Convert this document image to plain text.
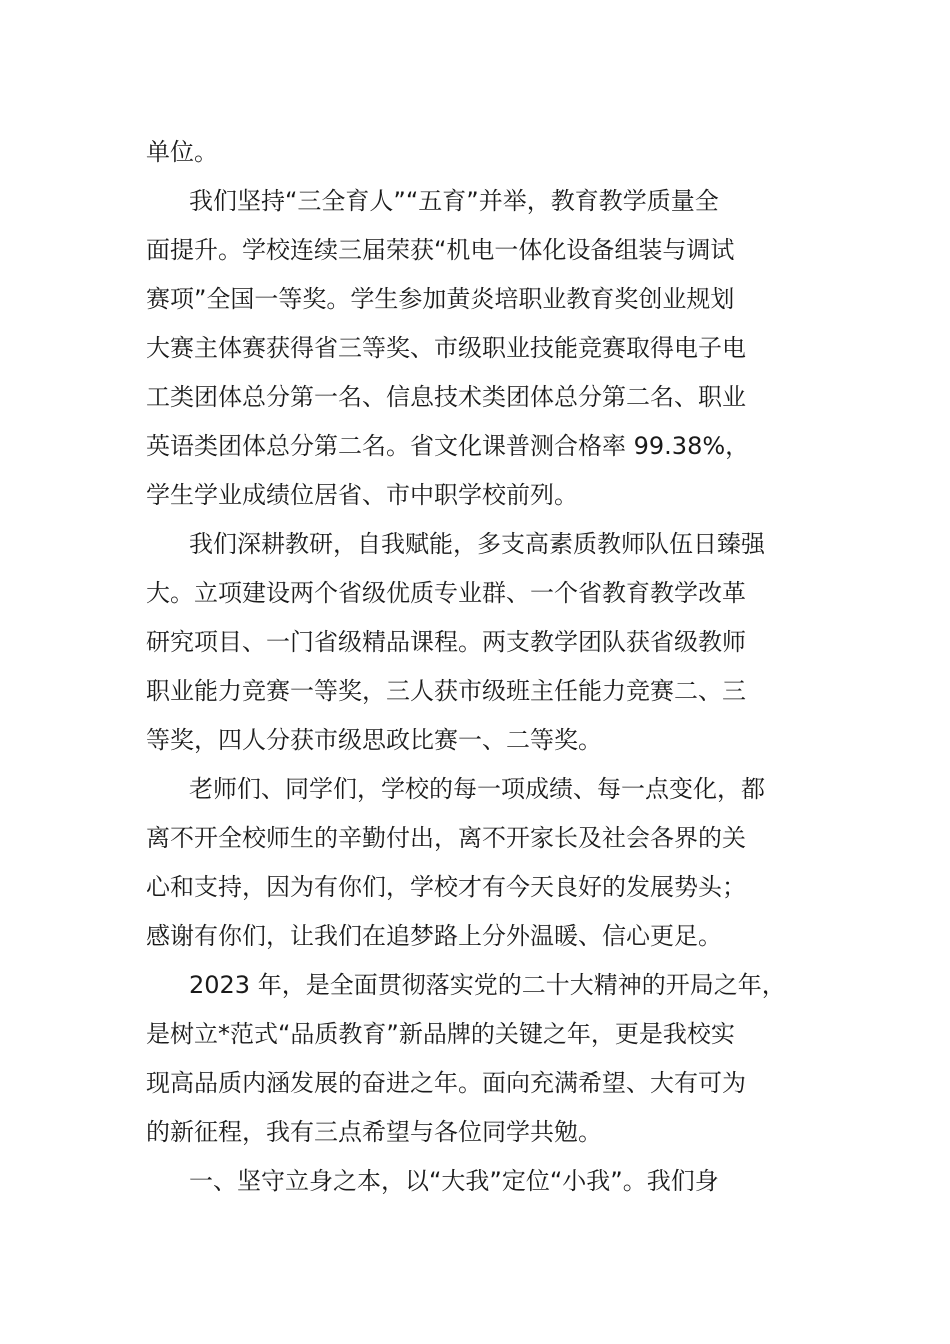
单位。
我们坚持“三全育人”“五育”并举，教育教学质量全
面提升。学校连续三届荣获“机电一体化设备组装与调试
赛项”全国一等奖。学生参加黄炎培职业教育奖创业规划
大赛主体赛获得省三等奖、市级职业技能竞赛取得电子电
工类团体总分第一名、信息技术类团体总分第二名、职业
英语类团体总分第二名。省文化课普测合格率 99.38%，
学生学业成绩位居省、市中职学校前列。
我们深耕教研，自我赋能，多支高素质教师队伍日臻强
大。立项建设两个省级优质专业群、一个省教育教学改革
研究项目、一门省级精品课程。两支教学团队获省级教师
职业能力竞赛一等奖，三人获市级班主任能力竞赛二、三
等奖，四人分获市级思政比赛一、二等奖。
老师们、同学们，学校的每一项成绩、每一点变化，都
离不开全校师生的辛勤付出，离不开家长及社会各界的关
心和支持，因为有你们，学校才有今天良好的发展势头；
感谢有你们，让我们在追梦路上分外温暖、信心更足。
2023 年，是全面贯彻落实党的二十大精神的开局之年，
是树立*范式“品质教育”新品牌的关键之年，更是我校实
现高品质内涵发展的奋进之年。面向充满希望、大有可为
的新征程，我有三点希望与各位同学共勉。
一、坚守立身之本，以“大我”定位“小我”。我们身
